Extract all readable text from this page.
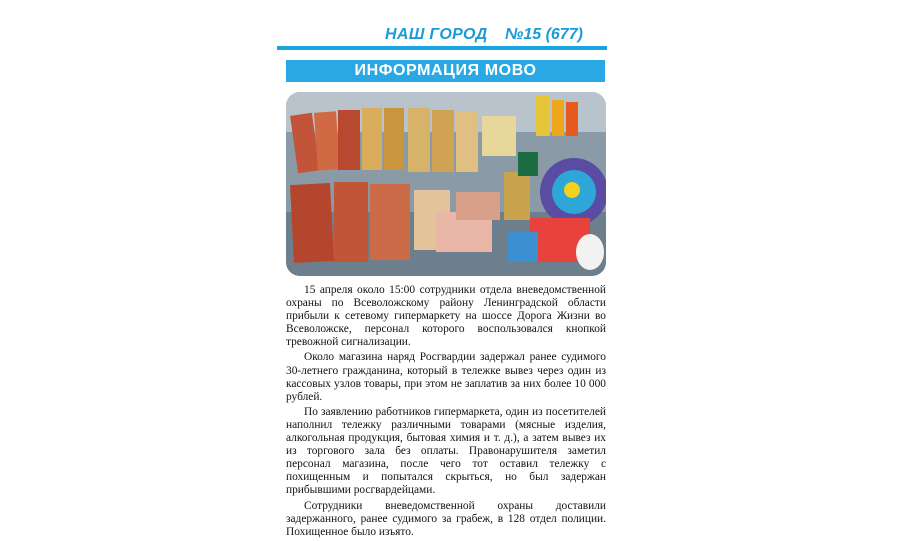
НАШ ГОРОД №15 (677)
ИНФОРМАЦИЯ МОВО

15 апреля около 15:00 сотрудники отдела вневедомственной охраны по Всеволожскому району Ленинградской области прибыли к сетевому гипермаркету на шоссе Дорога Жизни во Всеволожске, персонал которого воспользовался кнопкой тревожной сигнализации.

Около магазина наряд Росгвардии задержал ранее судимого 30-летнего гражданина, который в тележке вывез через один из кассовых узлов товары, при этом не заплатив за них более 10 000 рублей.

По заявлению работников гипермаркета, один из посетителей наполнил тележку различными товарами (мясные изделия, алкогольная продукция, бытовая химия и т. д.), а затем вывез их из торгового зала без оплаты. Правонарушителя заметил персонал магазина, после чего тот оставил тележку с похищенным и попытался скрыться, но был задержан прибывшими росгвардейцами.

Сотрудники вневедомственной охраны доставили задержанного, ранее судимого за грабеж, в 128 отдел полиции. Похищенное было изъято.
